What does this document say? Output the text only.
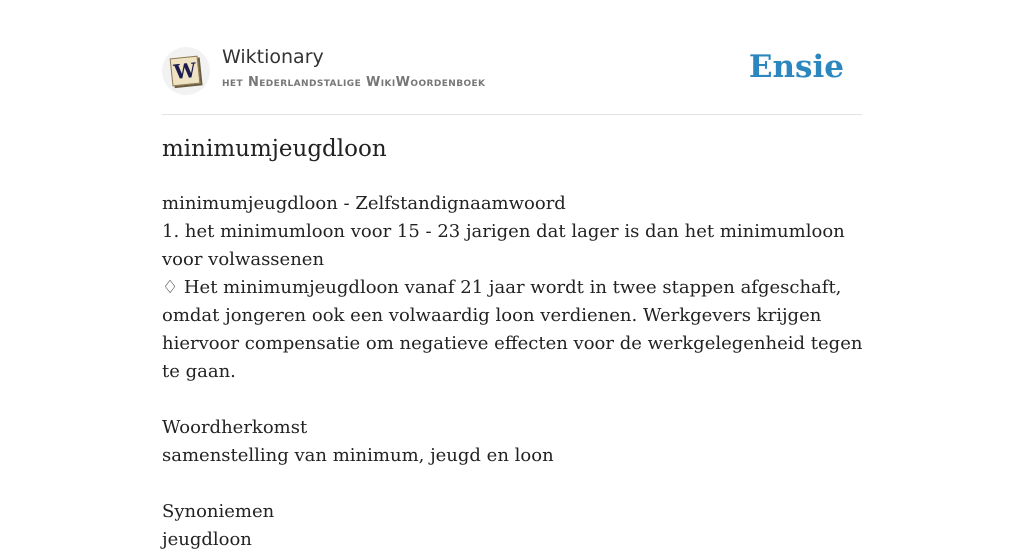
W
Wiktionary
het Nederlandstalige WikiWoordenboek	Ensie
minimumjeugdloon

minimumjeugdloon - Zelfstandignaamwoord

1. het minimumloon voor 15 - 23 jarigen dat lager is dan het minimumloon voor volwassenen

♢ Het minimumjeugdloon vanaf 21 jaar wordt in twee stappen afgeschaft, omdat jongeren ook een volwaardig loon verdienen. Werkgevers krijgen hiervoor compensatie om negatieve effecten voor de werkgelegenheid tegen te gaan.

Woordherkomst

samenstelling van minimum, jeugd en loon

Synoniemen

jeugdloon
